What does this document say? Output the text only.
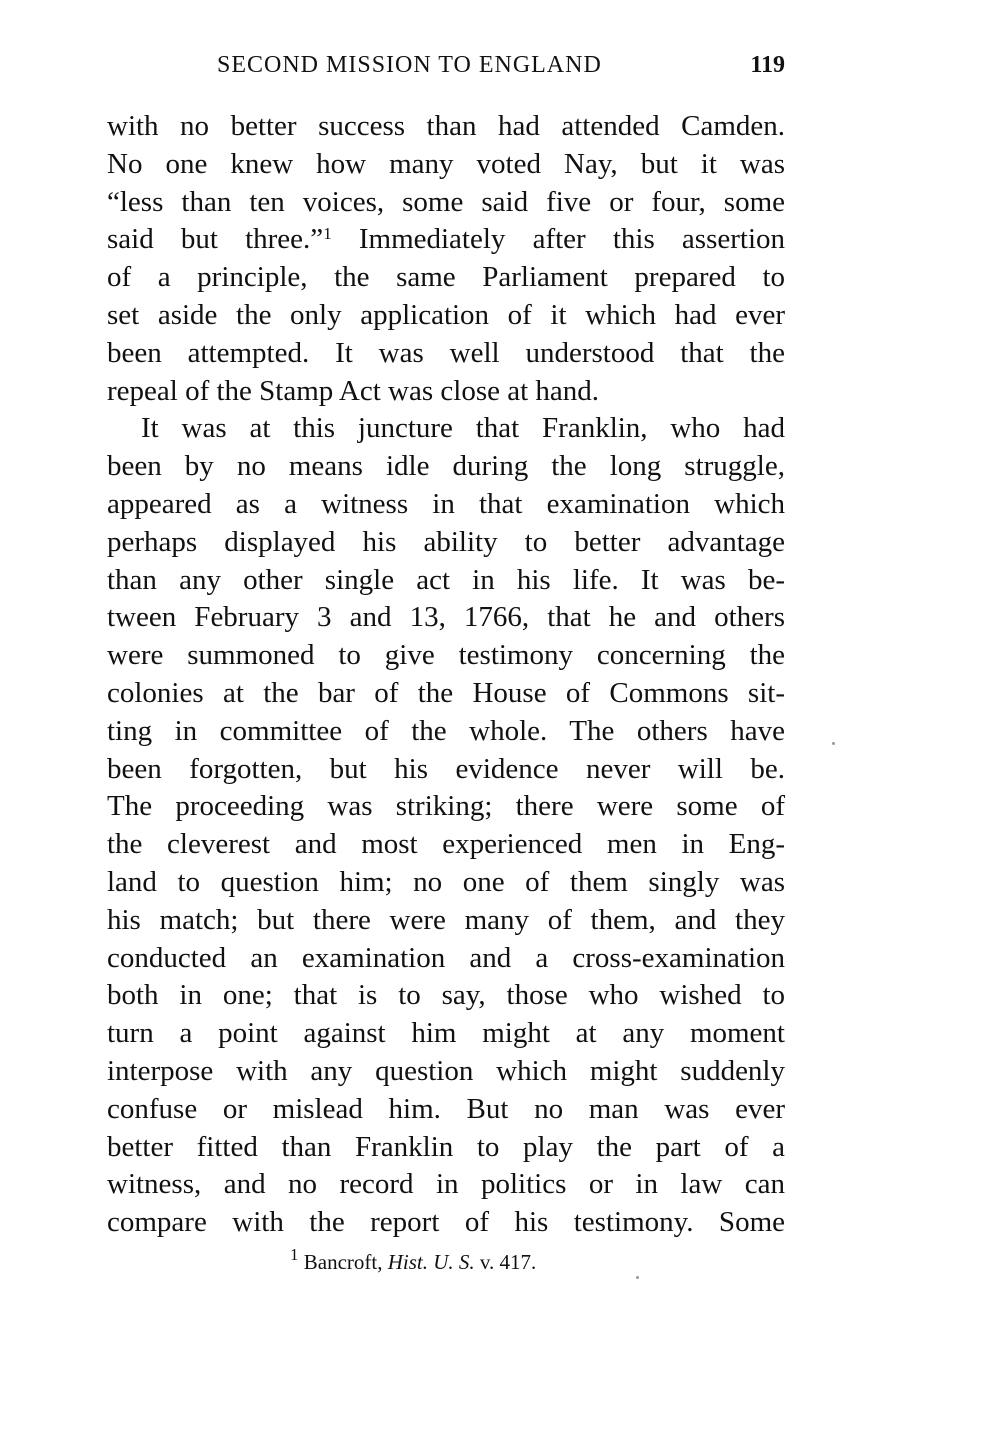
SECOND MISSION TO ENGLAND	119
with no better success than had attended Camden.
No one knew how many voted Nay, but it was
“less than ten voices, some said five or four, some
said but three.”$^1$ Immediately after this assertion
of a principle, the same Parliament prepared to
set aside the only application of it which had ever
been attempted. It was well understood that the
repeal of the Stamp Act was close at hand.
It was at this juncture that Franklin, who had
been by no means idle during the long struggle,
appeared as a witness in that examination which
perhaps displayed his ability to better advantage
than any other single act in his life. It was be-
tween February 3 and 13, 1766, that he and others
were summoned to give testimony concerning the
colonies at the bar of the House of Commons sit-
ting in committee of the whole. The others have
been forgotten, but his evidence never will be.
The proceeding was striking; there were some of
the cleverest and most experienced men in Eng-
land to question him; no one of them singly was
his match; but there were many of them, and they
conducted an examination and a cross-examination
both in one; that is to say, those who wished to
turn a point against him might at any moment
interpose with any question which might suddenly
confuse or mislead him. But no man was ever
better fitted than Franklin to play the part of a
witness, and no record in politics or in law can
compare with the report of his testimony. Some
$^1$ Bancroft, Hist. U. S. v. 417.
